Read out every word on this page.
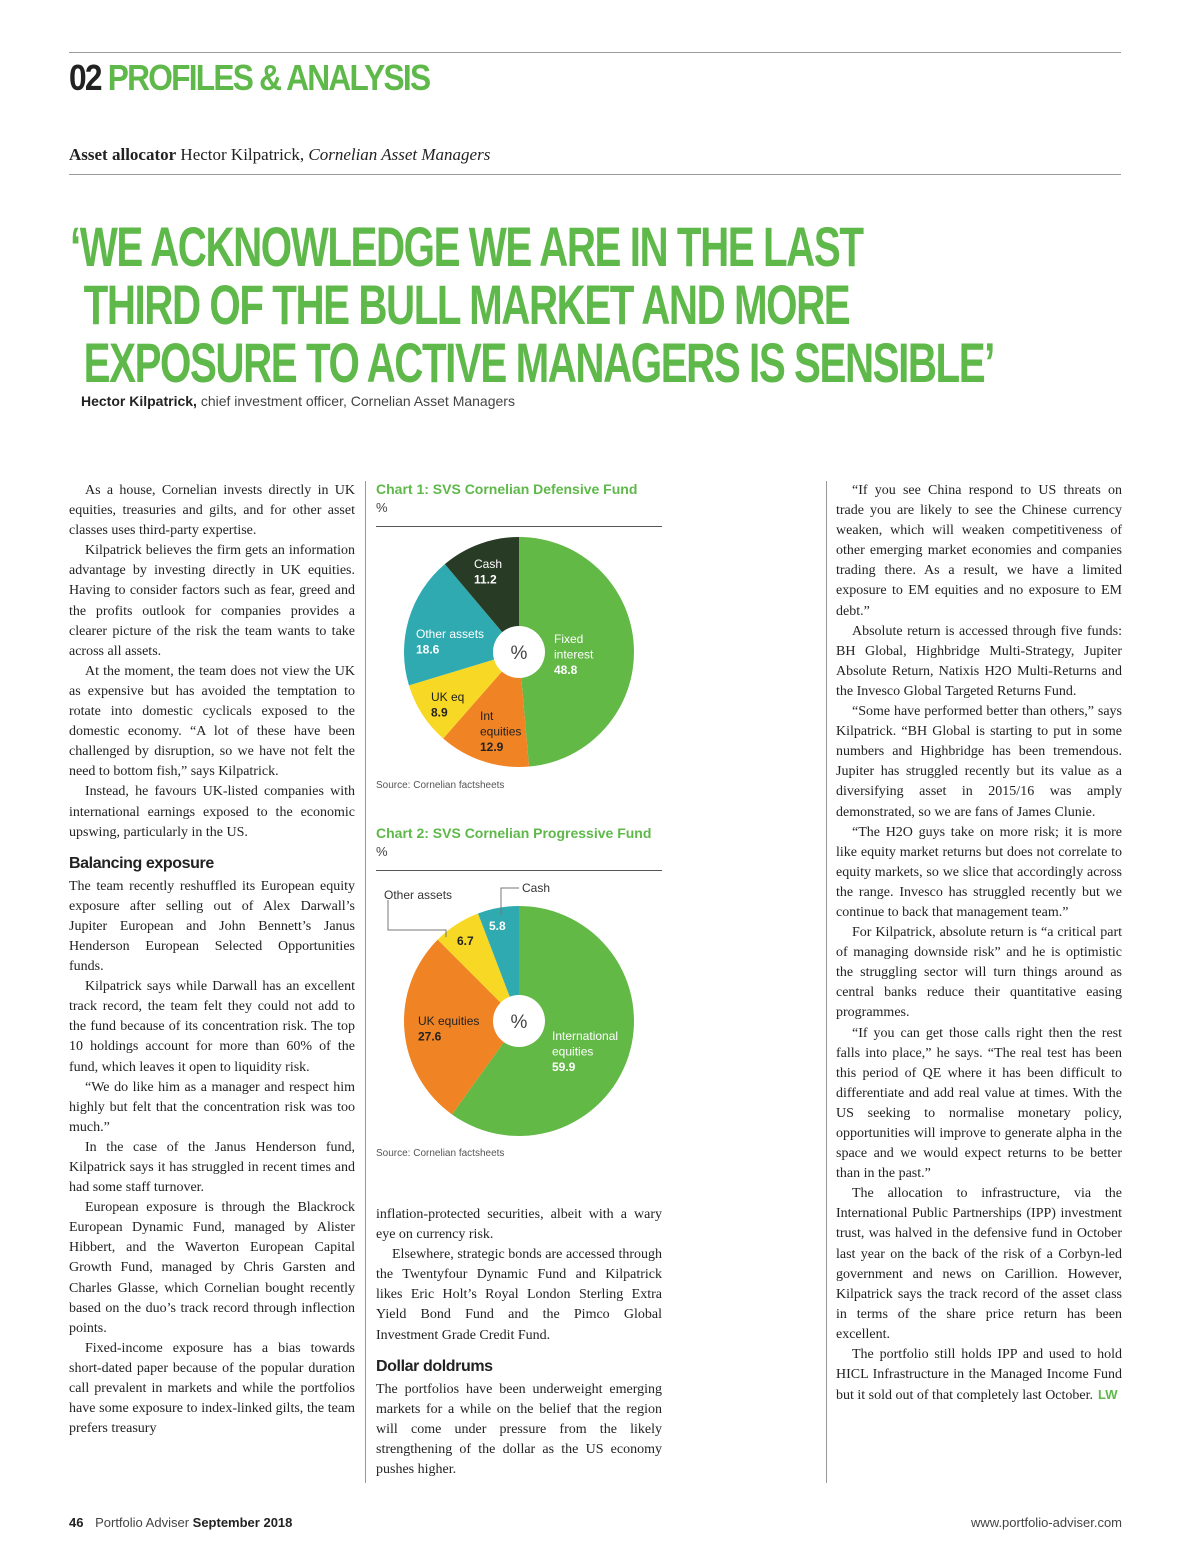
02 PROFILES & ANALYSIS
Asset allocator Hector Kilpatrick, Cornelian Asset Managers
‘WE ACKNOWLEDGE WE ARE IN THE LAST
THIRD OF THE BULL MARKET AND MORE
EXPOSURE TO ACTIVE MANAGERS IS SENSIBLE’
Hector Kilpatrick, chief investment officer, Cornelian Asset Managers

As a house, Cornelian invests directly in UK equities, treasuries and gilts, and for other asset classes uses third-party expertise.

Kilpatrick believes the firm gets an information advantage by investing directly in UK equities. Having to consider factors such as fear, greed and the profits outlook for companies provides a clearer picture of the risk the team wants to take across all assets.

At the moment, the team does not view the UK as expensive but has avoided the temptation to rotate into domestic cyclicals exposed to the domestic economy. “A lot of these have been challenged by disruption, so we have not felt the need to bottom fish,” says Kilpatrick.

Instead, he favours UK-listed companies with international earnings exposed to the economic upswing, particularly in the US.

Balancing exposure

The team recently reshuffled its European equity exposure after selling out of Alex Darwall’s Jupiter European and John Bennett’s Janus Henderson European Selected Opportunities funds.

Kilpatrick says while Darwall has an excellent track record, the team felt they could not add to the fund because of its concentration risk. The top 10 holdings account for more than 60% of the fund, which leaves it open to liquidity risk.

“We do like him as a manager and respect him highly but felt that the concentration risk was too much.”

In the case of the Janus Henderson fund, Kilpatrick says it has struggled in recent times and had some staff turnover.

European exposure is through the Blackrock European Dynamic Fund, managed by Alister Hibbert, and the Waverton European Capital Growth Fund, managed by Chris Garsten and Charles Glasse, which Cornelian bought recently based on the duo’s track record through inflection points.

Fixed-income exposure has a bias towards short-dated paper because of the popular duration call prevalent in markets and while the portfolios have some exposure to index-linked gilts, the team prefers treasury

Chart 1: SVS Cornelian Defensive Fund
%
%
Fixed interest 48.8
Int equities 12.9
UK eq 8.9
Other assets 18.6
Cash 11.2
Source: Cornelian factsheets
Chart 2: SVS Cornelian Progressive Fund
%
%
International equities 59.9
UK equities 27.6
6.7
5.8
Other assets	Cash
Source: Cornelian factsheets

inflation-protected securities, albeit with a wary eye on currency risk.

Elsewhere, strategic bonds are accessed through the Twentyfour Dynamic Fund and Kilpatrick likes Eric Holt’s Royal London Sterling Extra Yield Bond Fund and the Pimco Global Investment Grade Credit Fund.

Dollar doldrums

The portfolios have been underweight emerging markets for a while on the belief that the region will come under pressure from the likely strengthening of the dollar as the US economy pushes higher.

“If you see China respond to US threats on trade you are likely to see the Chinese currency weaken, which will weaken competitiveness of other emerging market economies and companies trading there. As a result, we have a limited exposure to EM equities and no exposure to EM debt.”

Absolute return is accessed through five funds: BH Global, Highbridge Multi-Strategy, Jupiter Absolute Return, Natixis H2O Multi-Returns and the Invesco Global Targeted Returns Fund.

“Some have performed better than others,” says Kilpatrick. “BH Global is starting to put in some numbers and Highbridge has been tremendous. Jupiter has struggled recently but its value as a diversifying asset in 2015/16 was amply demonstrated, so we are fans of James Clunie.

“The H2O guys take on more risk; it is more like equity market returns but does not correlate to equity markets, so we slice that accordingly across the range. Invesco has struggled recently but we continue to back that management team.”

For Kilpatrick, absolute return is “a critical part of managing downside risk” and he is optimistic the struggling sector will turn things around as central banks reduce their quantitative easing programmes.

“If you can get those calls right then the rest falls into place,” he says. “The real test has been this period of QE where it has been difficult to differentiate and add real value at times. With the US seeking to normalise monetary policy, opportunities will improve to generate alpha in the space and we would expect returns to be better than in the past.”

The allocation to infrastructure, via the International Public Partnerships (IPP) investment trust, was halved in the defensive fund in October last year on the back of the risk of a Corbyn-led government and news on Carillion. However, Kilpatrick says the track record of the asset class in terms of the share price return has been excellent.

The portfolio still holds IPP and used to hold HICL Infrastructure in the Managed Income Fund but it sold out of that completely last October. LW

46 Portfolio Adviser September 2018	www.portfolio-adviser.com
